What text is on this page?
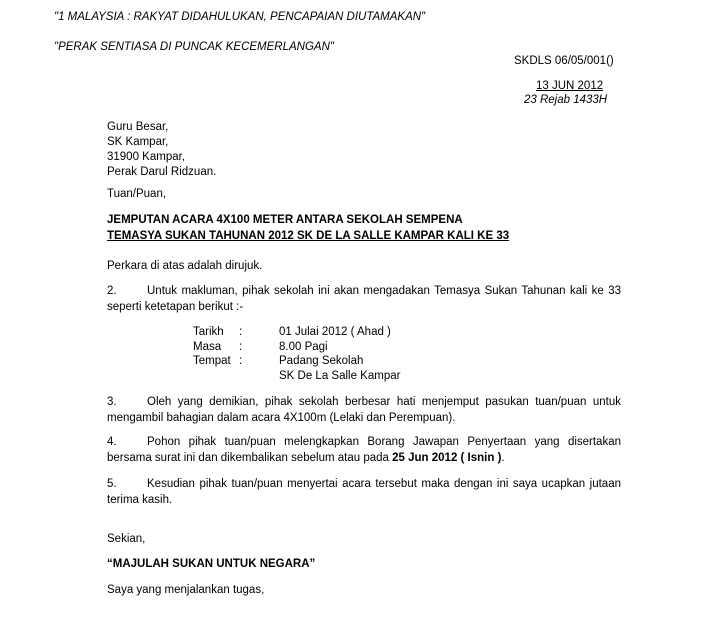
"1 MALAYSIA : RAKYAT DIDAHULUKAN, PENCAPAIAN DIUTAMAKAN"
"PERAK SENTIASA DI PUNCAK KECEMERLANGAN"
SKDLS 06/05/001()
13 JUN 2012
23 Rejab 1433H
Guru Besar,
SK Kampar,
31900 Kampar,
Perak Darul Ridzuan.
Tuan/Puan,
JEMPUTAN ACARA 4X100 METER ANTARA SEKOLAH SEMPENA
TEMASYA SUKAN TAHUNAN 2012 SK DE LA SALLE KAMPAR KALI KE 33
Perkara di atas adalah dirujuk.
2.	Untuk makluman, pihak sekolah ini akan mengadakan Temasya Sukan Tahunan kali ke 33 seperti ketetapan berikut :-
Tarikh :	01 Julai 2012 ( Ahad )
Masa :	8.00 Pagi
Tempat :	Padang Sekolah
SK De La Salle Kampar
3.	Oleh yang demikian, pihak sekolah berbesar hati menjemput pasukan tuan/puan untuk mengambil bahagian dalam acara 4X100m (Lelaki dan Perempuan).
4.	Pohon pihak tuan/puan melengkapkan Borang Jawapan Penyertaan yang disertakan bersama surat ini dan dikembalikan sebelum atau pada 25 Jun 2012 ( Isnin ).
5.	Kesudian pihak tuan/puan menyertai acara tersebut maka dengan ini saya ucapkan jutaan terima kasih.
Sekian,
“MAJULAH SUKAN UNTUK NEGARA”
Saya yang menjalankan tugas,
